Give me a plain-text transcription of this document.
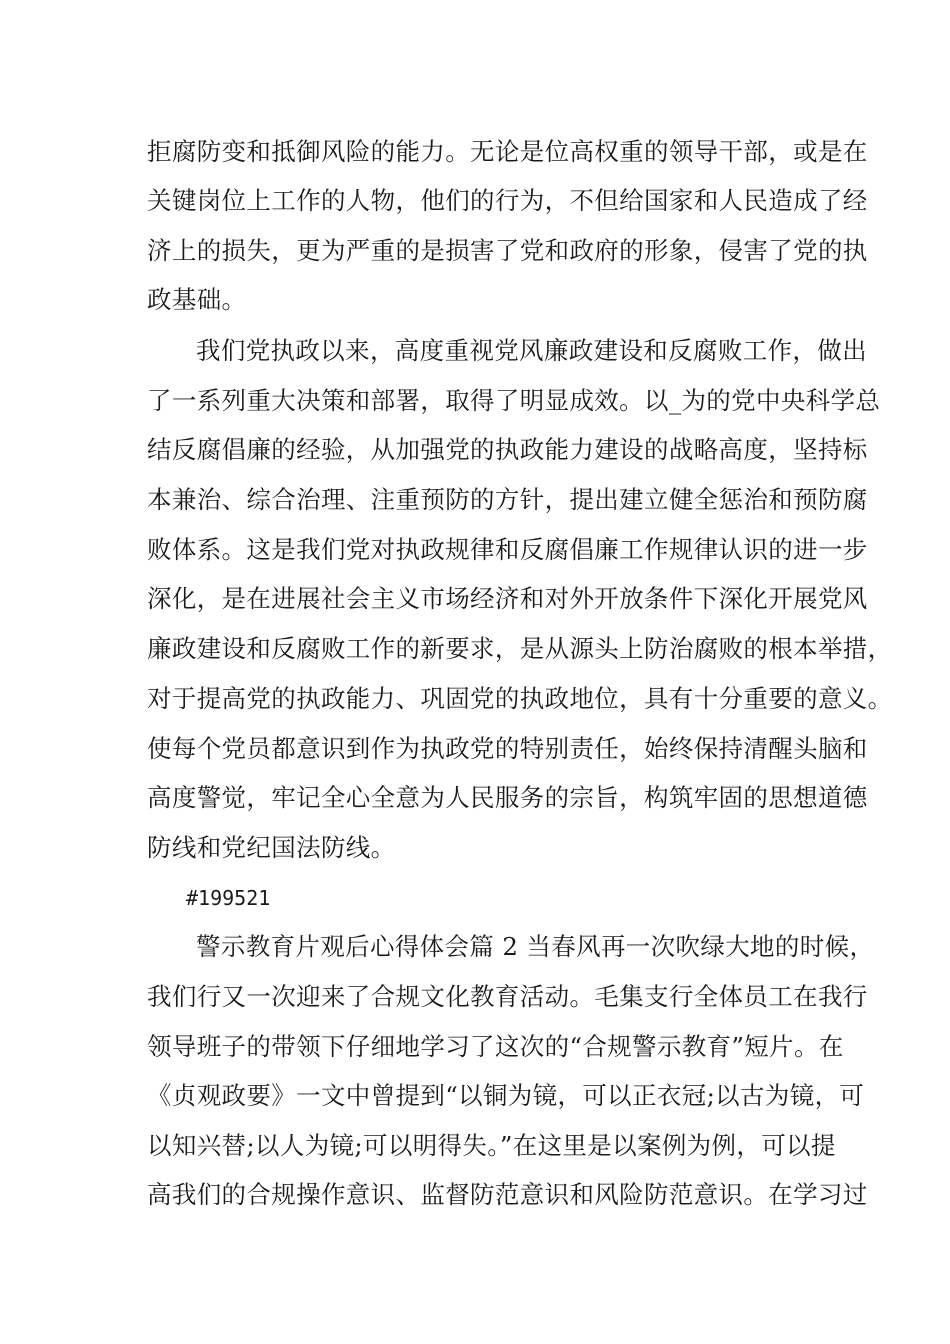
拒腐防变和抵御风险的能力。无论是位高权重的领导干部，或是在
关键岗位上工作的人物，他们的行为，不但给国家和人民造成了经
济上的损失，更为严重的是损害了党和政府的形象，侵害了党的执
政基础。
我们党执政以来，高度重视党风廉政建设和反腐败工作，做出
了一系列重大决策和部署，取得了明显成效。以_为的党中央科学总
结反腐倡廉的经验，从加强党的执政能力建设的战略高度，坚持标
本兼治、综合治理、注重预防的方针，提出建立健全惩治和预防腐
败体系。这是我们党对执政规律和反腐倡廉工作规律认识的进一步
深化，是在进展社会主义市场经济和对外开放条件下深化开展党风
廉政建设和反腐败工作的新要求，是从源头上防治腐败的根本举措，
对于提高党的执政能力、巩固党的执政地位，具有十分重要的意义。
使每个党员都意识到作为执政党的特别责任，始终保持清醒头脑和
高度警觉，牢记全心全意为人民服务的宗旨，构筑牢固的思想道德
防线和党纪国法防线。
#199521
警示教育片观后心得体会篇 2 当春风再一次吹绿大地的时候，
我们行又一次迎来了合规文化教育活动。毛集支行全体员工在我行
领导班子的带领下仔细地学习了这次的“合规警示教育”短片。在
《贞观政要》一文中曾提到“以铜为镜，可以正衣冠;以古为镜，可
以知兴替;以人为镜;可以明得失。”在这里是以案例为例，可以提
高我们的合规操作意识、监督防范意识和风险防范意识。在学习过
